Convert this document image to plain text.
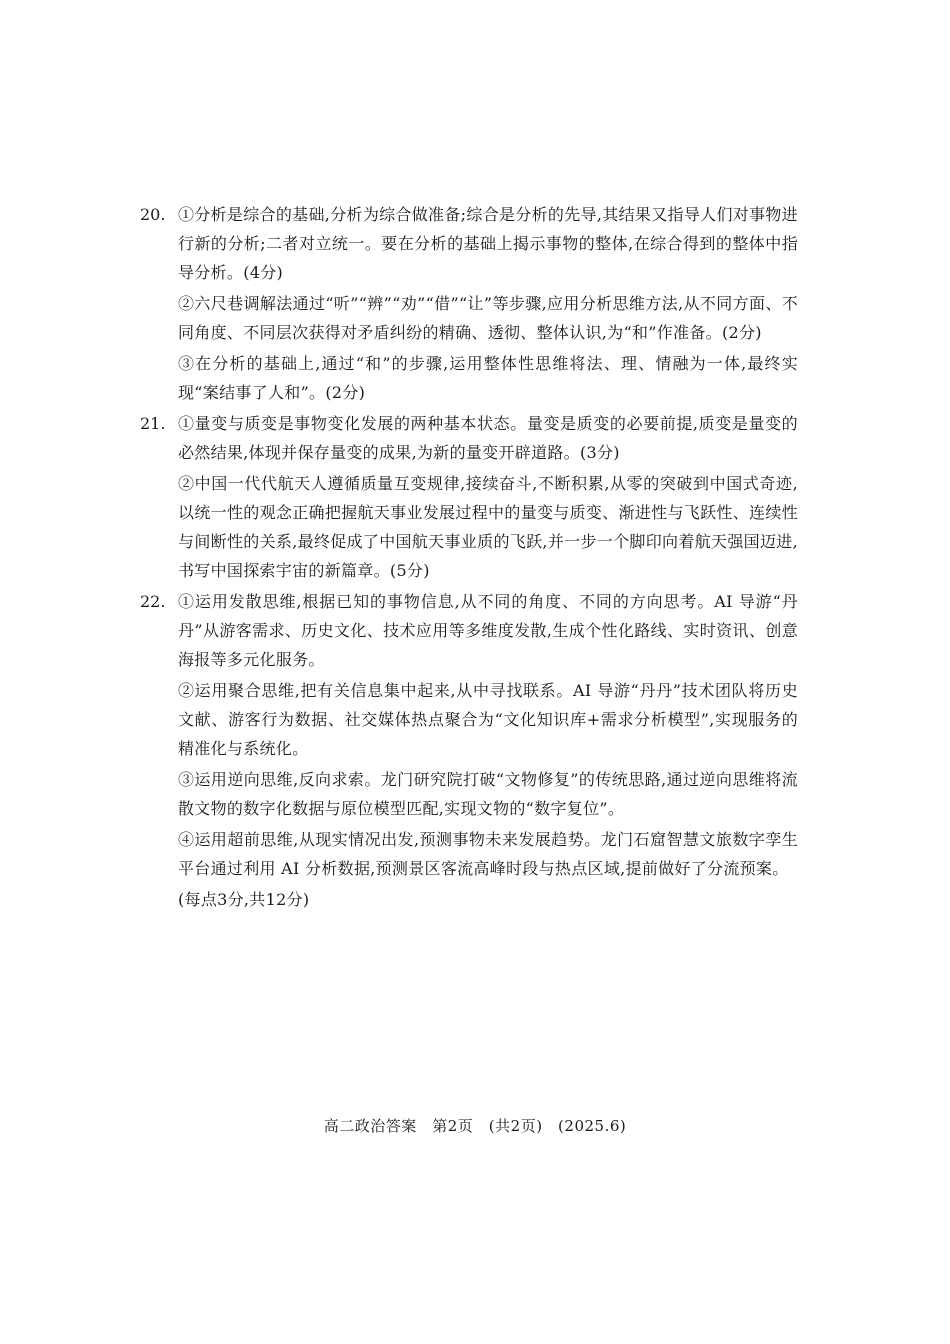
20. ①分析是综合的基础,分析为综合做准备;综合是分析的先导,其结果又指导人们对事物进行新的分析;二者对立统一。要在分析的基础上揭示事物的整体,在综合得到的整体中指导分析。(4分)

②六尺巷调解法通过“听”“辨”“劝”“借”“让”等步骤,应用分析思维方法,从不同方面、不同角度、不同层次获得对矛盾纠纷的精确、透彻、整体认识,为“和”作准备。(2分)

③在分析的基础上,通过“和”的步骤,运用整体性思维将法、理、情融为一体,最终实现“案结事了人和”。(2分)

21. ①量变与质变是事物变化发展的两种基本状态。量变是质变的必要前提,质变是量变的必然结果,体现并保存量变的成果,为新的量变开辟道路。(3分)

②中国一代代航天人遵循质量互变规律,接续奋斗,不断积累,从零的突破到中国式奇迹,以统一性的观念正确把握航天事业发展过程中的量变与质变、渐进性与飞跃性、连续性与间断性的关系,最终促成了中国航天事业质的飞跃,并一步一个脚印向着航天强国迈进,书写中国探索宇宙的新篇章。(5分)

22. ①运用发散思维,根据已知的事物信息,从不同的角度、不同的方向思考。AI 导游“丹丹”从游客需求、历史文化、技术应用等多维度发散,生成个性化路线、实时资讯、创意海报等多元化服务。

②运用聚合思维,把有关信息集中起来,从中寻找联系。AI 导游“丹丹”技术团队将历史文献、游客行为数据、社交媒体热点聚合为“文化知识库+需求分析模型”,实现服务的精准化与系统化。

③运用逆向思维,反向求索。龙门研究院打破“文物修复”的传统思路,通过逆向思维将流散文物的数字化数据与原位模型匹配,实现文物的“数字复位”。

④运用超前思维,从现实情况出发,预测事物未来发展趋势。龙门石窟智慧文旅数字孪生平台通过利用 AI 分析数据,预测景区客流高峰时段与热点区域,提前做好了分流预案。

(每点3分,共12分)

高二政治答案　第2页　(共2页)　(2025.6)
